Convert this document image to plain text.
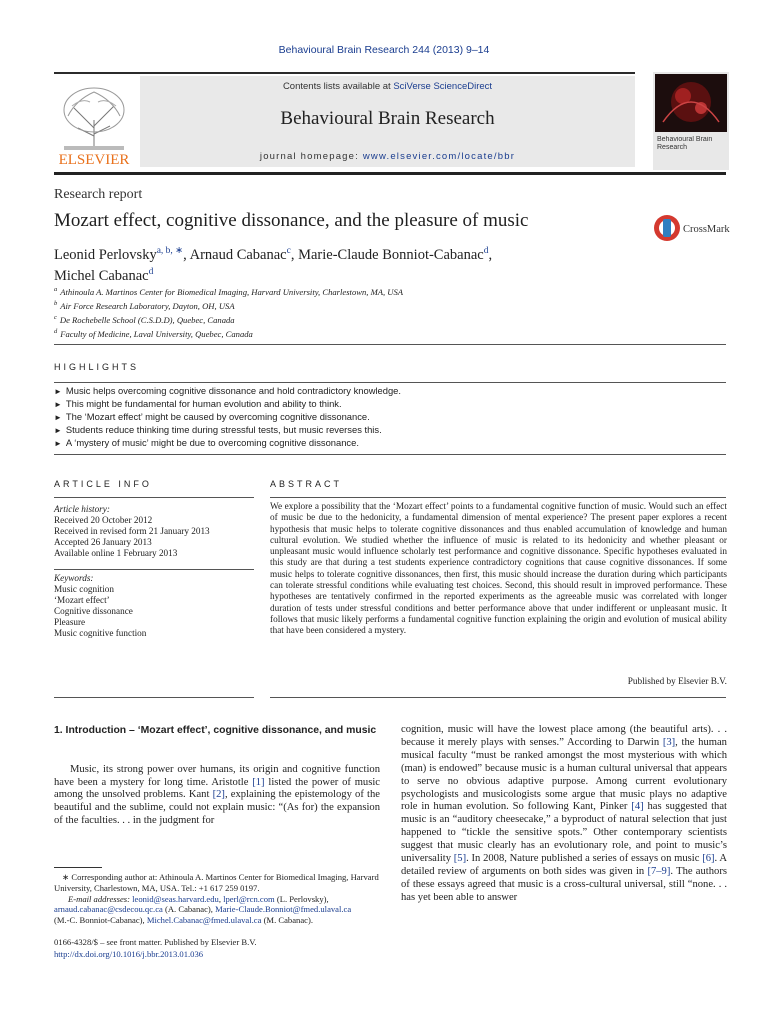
Behavioural Brain Research 244 (2013) 9–14
ELSEVIER
Contents lists available at SciVerse ScienceDirect
Behavioural Brain Research
journal homepage: www.elsevier.com/locate/bbr
Behavioural Brain Research
Research report
Mozart effect, cognitive dissonance, and the pleasure of music	CrossMark
Leonid Perlovsky$^{a, b, ∗}$, Arnaud Cabanac$^c$, Marie-Claude Bonniot-Cabanac$^d$,
Michel Cabanac$^d$
$^a$ Athinoula A. Martinos Center for Biomedical Imaging, Harvard University, Charlestown, MA, USA
$^b$ Air Force Research Laboratory, Dayton, OH, USA
$^c$ De Rochebelle School (C.S.D.D), Quebec, Canada
$^d$ Faculty of Medicine, Laval University, Quebec, Canada
HIGHLIGHTS
► Music helps overcoming cognitive dissonance and hold contradictory knowledge.
► This might be fundamental for human evolution and ability to think.
► The ‘Mozart effect’ might be caused by overcoming cognitive dissonance.
► Students reduce thinking time during stressful tests, but music reverses this.
► A ‘mystery of music’ might be due to overcoming cognitive dissonance.
ARTICLE INFO
Article history:
Received 20 October 2012
Received in revised form 21 January 2013
Accepted 26 January 2013
Available online 1 February 2013
Keywords:
Music cognition
‘Mozart effect’
Cognitive dissonance
Pleasure
Music cognitive function
ABSTRACT
We explore a possibility that the ‘Mozart effect’ points to a fundamental cognitive function of music. Would such an effect of music be due to the hedonicity, a fundamental dimension of mental experience? The present paper explores a recent hypothesis that music helps to tolerate cognitive dissonances and thus enabled accumulation of knowledge and human cultural evolution. We studied whether the influence of music is related to its hedonicity and whether pleasant or unpleasant music would influence scholarly test performance and cognitive dissonance. Specific hypotheses evaluated in this study are that during a test students experience contradictory cognitions that cause cognitive dissonances. If some music helps to tolerate cognitive dissonances, then first, this music should increase the duration during which participants can tolerate stressful conditions while evaluating test choices. Second, this should result in improved performance. These hypotheses are tentatively confirmed in the reported experiments as the agreeable music was correlated with longer duration of tests under stressful conditions and better performance above that under indifferent or unpleasant music. It follows that music likely performs a fundamental cognitive function explaining the origin and evolution of musical ability that have been considered a mystery.
Published by Elsevier B.V.
1. Introduction – ‘Mozart effect’, cognitive dissonance, and music
Music, its strong power over humans, its origin and cognitive function have been a mystery for long time. Aristotle [1] listed the power of music among the unsolved problems. Kant [2], explaining the epistemology of the beautiful and the sublime, could not explain music: “(As for) the expansion of the faculties. . . in the judgment for
cognition, music will have the lowest place among (the beautiful arts). . . because it merely plays with senses.” According to Darwin [3], the human musical faculty “must be ranked amongst the most mysterious with which (man) is endowed” because music is a human cultural universal that appears to serve no obvious adaptive purpose. Among current evolutionary psychologists and musicologists some argue that music plays no adaptive role in human evolution. So following Kant, Pinker [4] has suggested that music is an “auditory cheesecake,” a byproduct of natural selection that just happened to “tickle the sensitive spots.” Other contemporary scientists suggest that music clearly has an evolutionary role, and point to music’s universality [5]. In 2008, Nature published a series of essays on music [6]. A detailed review of arguments on both sides was given in [7–9]. The authors of these essays agreed that music is a cross-cultural universal, still “none. . . has yet been able to answer
∗ Corresponding author at: Athinoula A. Martinos Center for Biomedical Imaging, Harvard University, Charlestown, MA, USA. Tel.: +1 617 259 0197.
E-mail addresses: leonid@seas.harvard.edu, lperl@rcn.com (L. Perlovsky),
arnaud.cabanac@csdecou.qc.ca (A. Cabanac), Marie-Claude.Bonniot@fmed.ulaval.ca
(M.-C. Bonniot-Cabanac), Michel.Cabanac@fmed.ulaval.ca (M. Cabanac).
0166-4328/$ – see front matter. Published by Elsevier B.V.
http://dx.doi.org/10.1016/j.bbr.2013.01.036
